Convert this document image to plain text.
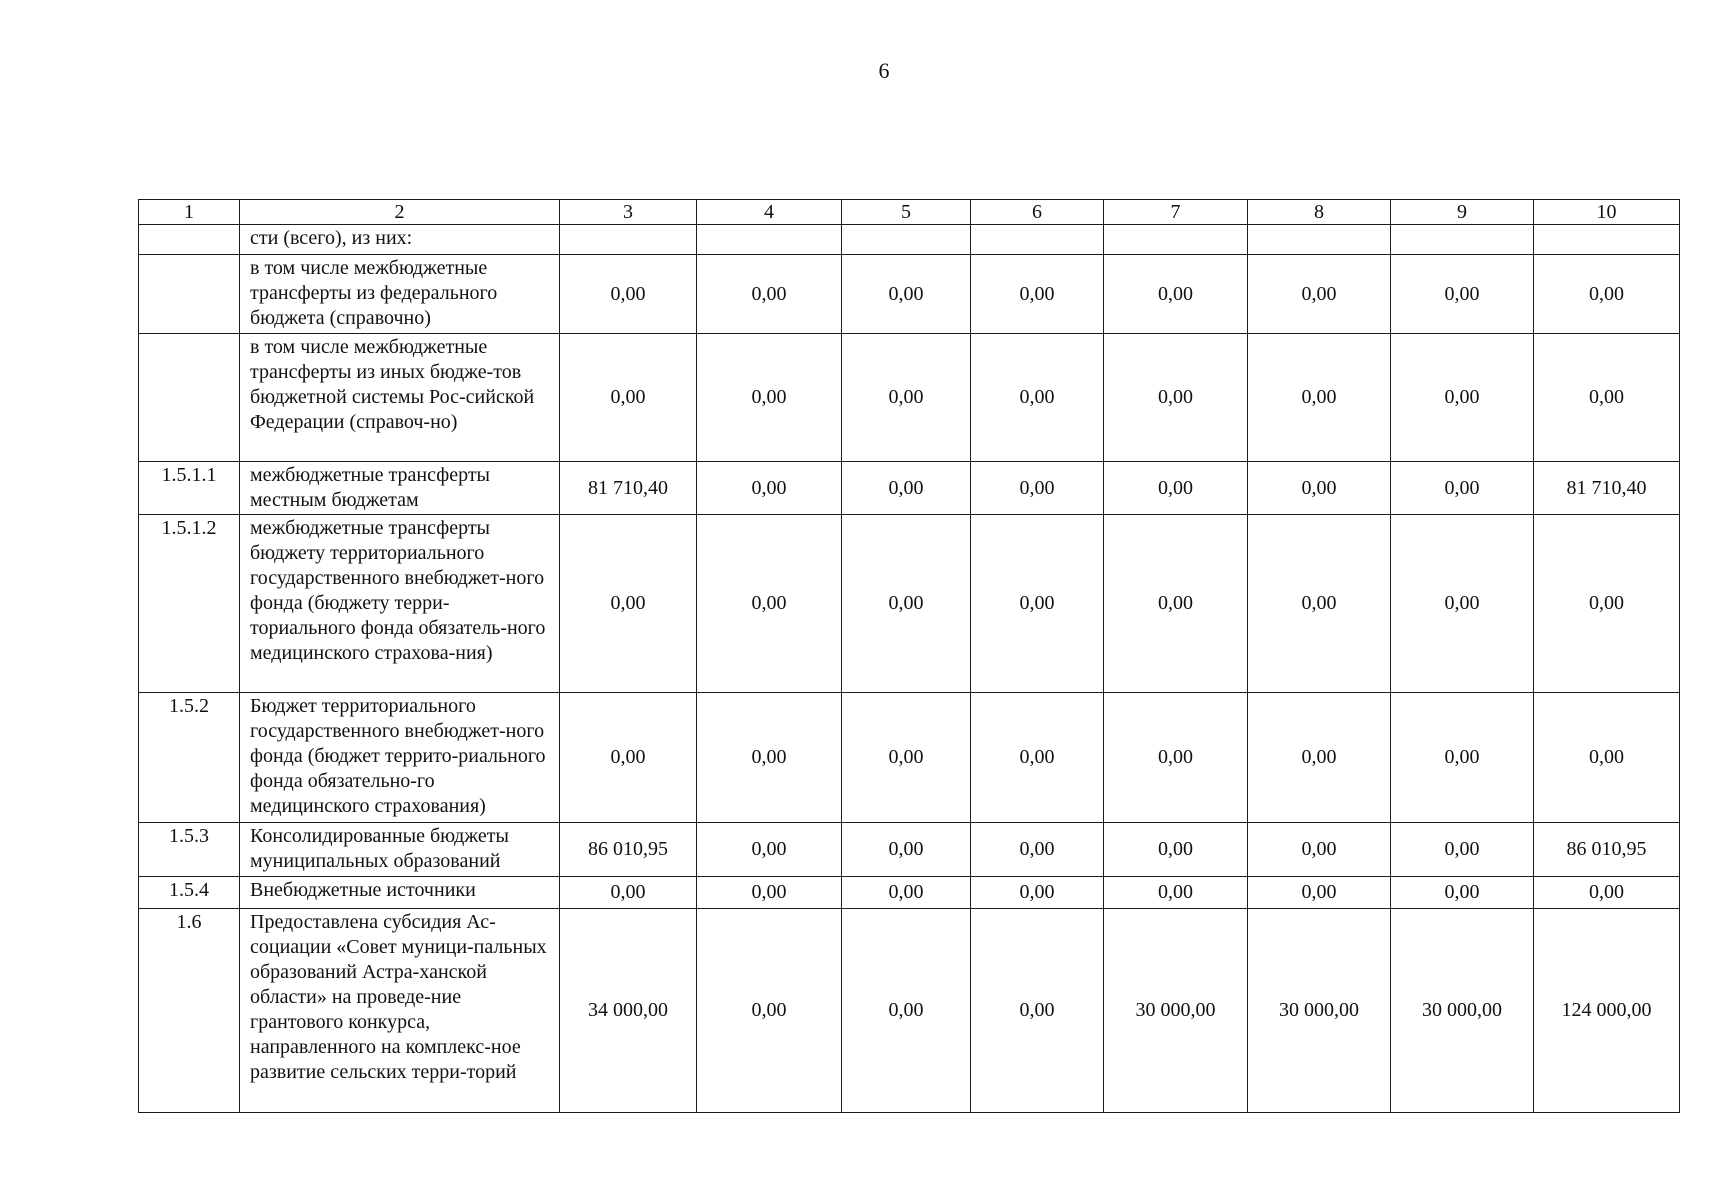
6
1	2	3	4	5	6	7	8	9	10
	сти (всего), из них:								
	в том числе межбюджетные трансферты из федерального бюджета (справочно)	0,00	0,00	0,00	0,00	0,00	0,00	0,00	0,00
	в том числе межбюджетные трансферты из иных бюдже-тов бюджетной системы Рос-сийской Федерации (справоч-но)	0,00	0,00	0,00	0,00	0,00	0,00	0,00	0,00
1.5.1.1	межбюджетные трансферты местным бюджетам	81 710,40	0,00	0,00	0,00	0,00	0,00	0,00	81 710,40
1.5.1.2	межбюджетные трансферты бюджету территориального государственного внебюджет-ного фонда (бюджету терри-ториального фонда обязатель-ного медицинского страхова-ния)	0,00	0,00	0,00	0,00	0,00	0,00	0,00	0,00
1.5.2	Бюджет территориального государственного внебюджет-ного фонда (бюджет террито-риального фонда обязательно-го медицинского страхования)	0,00	0,00	0,00	0,00	0,00	0,00	0,00	0,00
1.5.3	Консолидированные бюджеты муниципальных образований	86 010,95	0,00	0,00	0,00	0,00	0,00	0,00	86 010,95
1.5.4	Внебюджетные источники	0,00	0,00	0,00	0,00	0,00	0,00	0,00	0,00
1.6	Предоставлена субсидия Ас-социации «Совет муници-пальных образований Астра-ханской области» на проведе-ние грантового конкурса, направленного на комплекс-ное развитие сельских терри-торий	34 000,00	0,00	0,00	0,00	30 000,00	30 000,00	30 000,00	124 000,00
